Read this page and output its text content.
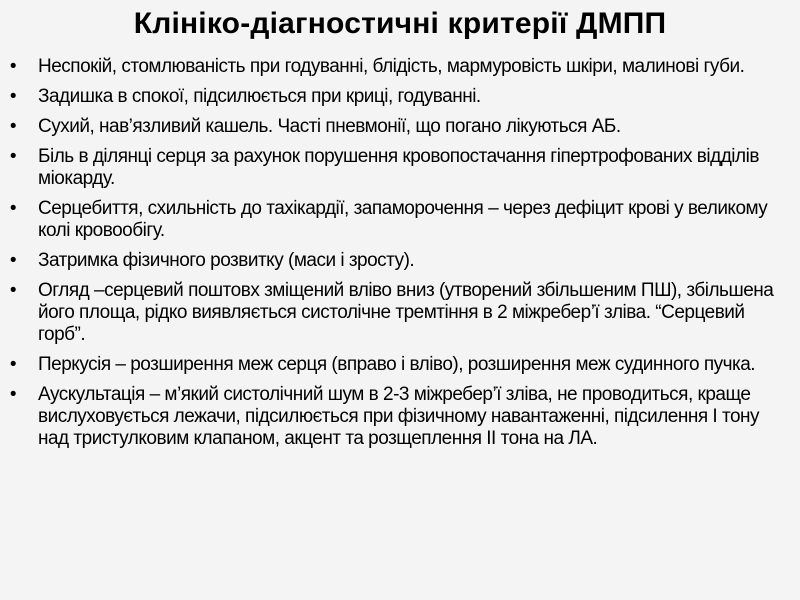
Клініко-діагностичні критерії ДМПП
• Неспокій, стомлюваність при годуванні, блідість, мармуровість шкіри, малинові губи.
• Задишка в спокої, підсилюється при криці, годуванні.
• Сухий, нав’язливий кашель. Часті пневмонії, що погано лікуються АБ.
• Біль в ділянці серця за рахунок порушення кровопостачання гіпертрофованих відділів міокарду.
• Серцебиття, схильність до тахікардії, запаморочення – через дефіцит крові у великому колі кровообігу.
• Затримка фізичного розвитку (маси і зросту).
• Огляд –серцевий поштовх зміщений вліво вниз (утворений збільшеним ПШ), збільшена його площа, рідко виявляється систолічне тремтіння в 2 міжребер’ї зліва. “Серцевий горб”.
• Перкусія – розширення меж серця (вправо і вліво), розширення меж судинного пучка.
• Аускультація – м’який систолічний шум в 2-3 міжребер’ї зліва, не проводиться, краще вислуховується лежачи, підсилюється при фізичному навантаженні, підсилення І тону над тристулковим клапаном, акцент та розщеплення ІІ тона на ЛА.
